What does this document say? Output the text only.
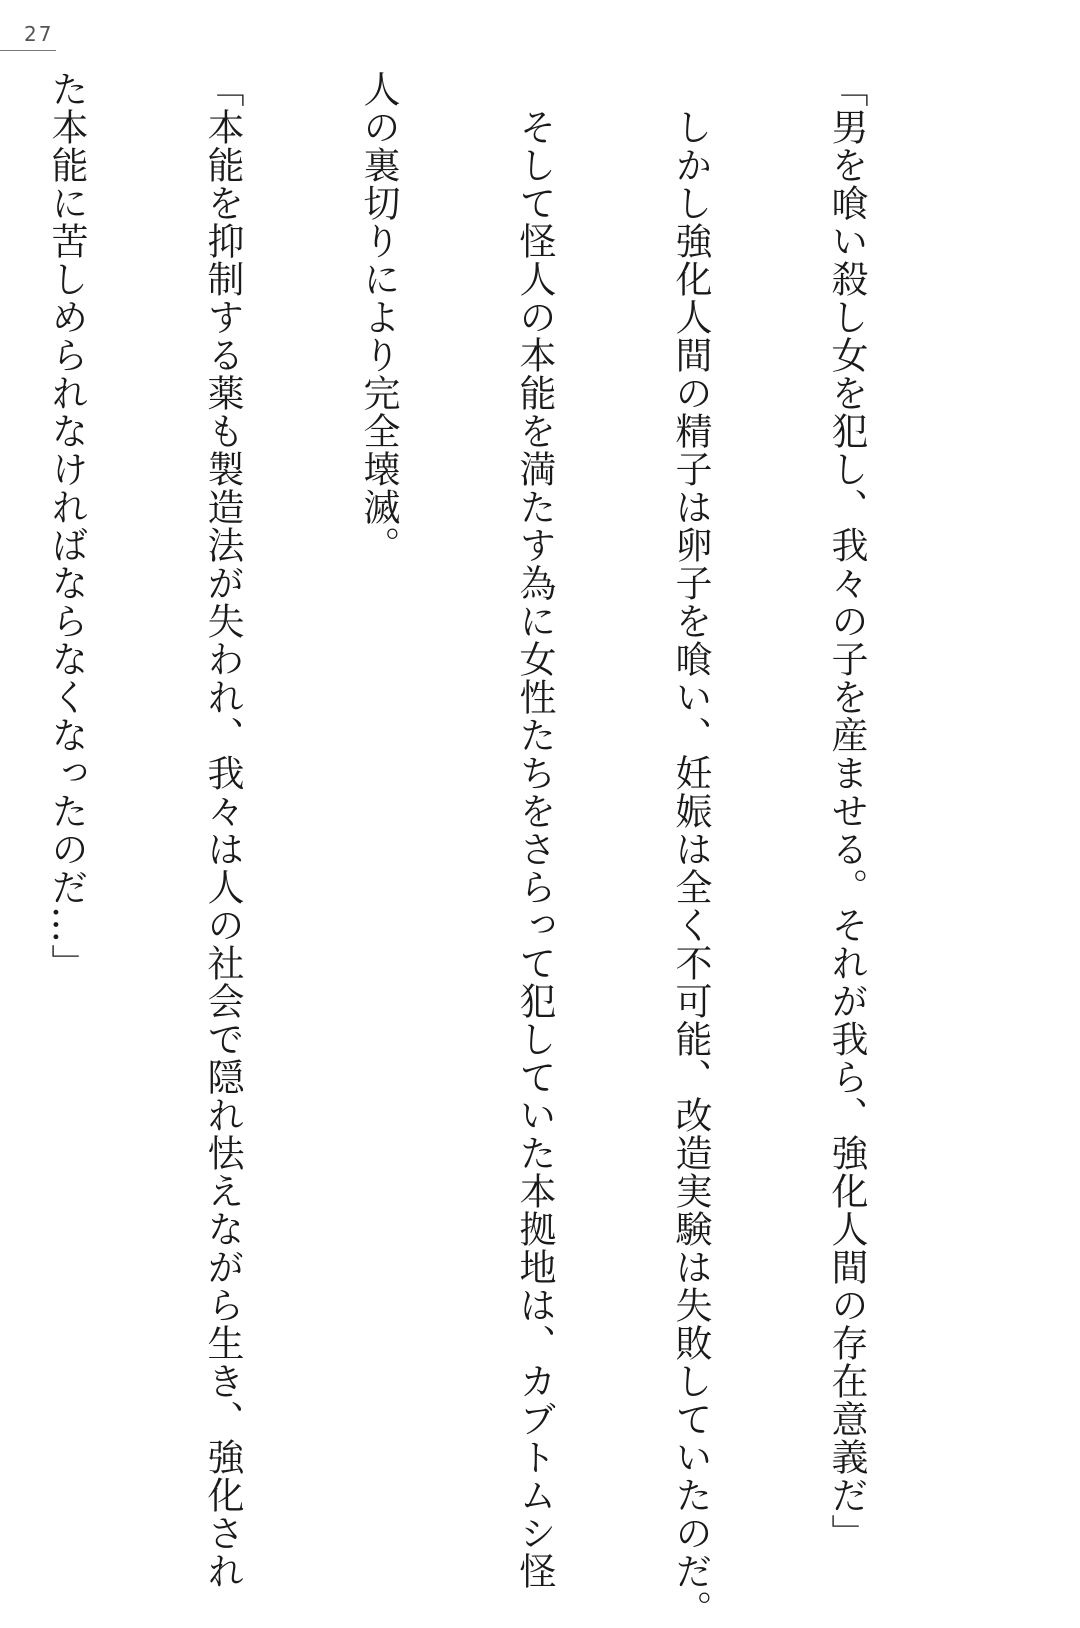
27

「男を喰い殺し女を犯し、我々の子を産ませる。それが我ら、強化人間の存在意義だ」

　しかし強化人間の精子は卵子を喰い、妊娠は全く不可能、改造実験は失敗していたのだ。

　そして怪人の本能を満たす為に女性たちをさらって犯していた本拠地は、カブトムシ怪

人の裏切りにより完全壊滅。

「本能を抑制する薬も製造法が失われ、我々は人の社会で隠れ怯えながら生き、強化され

た本能に苦しめられなければならなくなったのだ…」
